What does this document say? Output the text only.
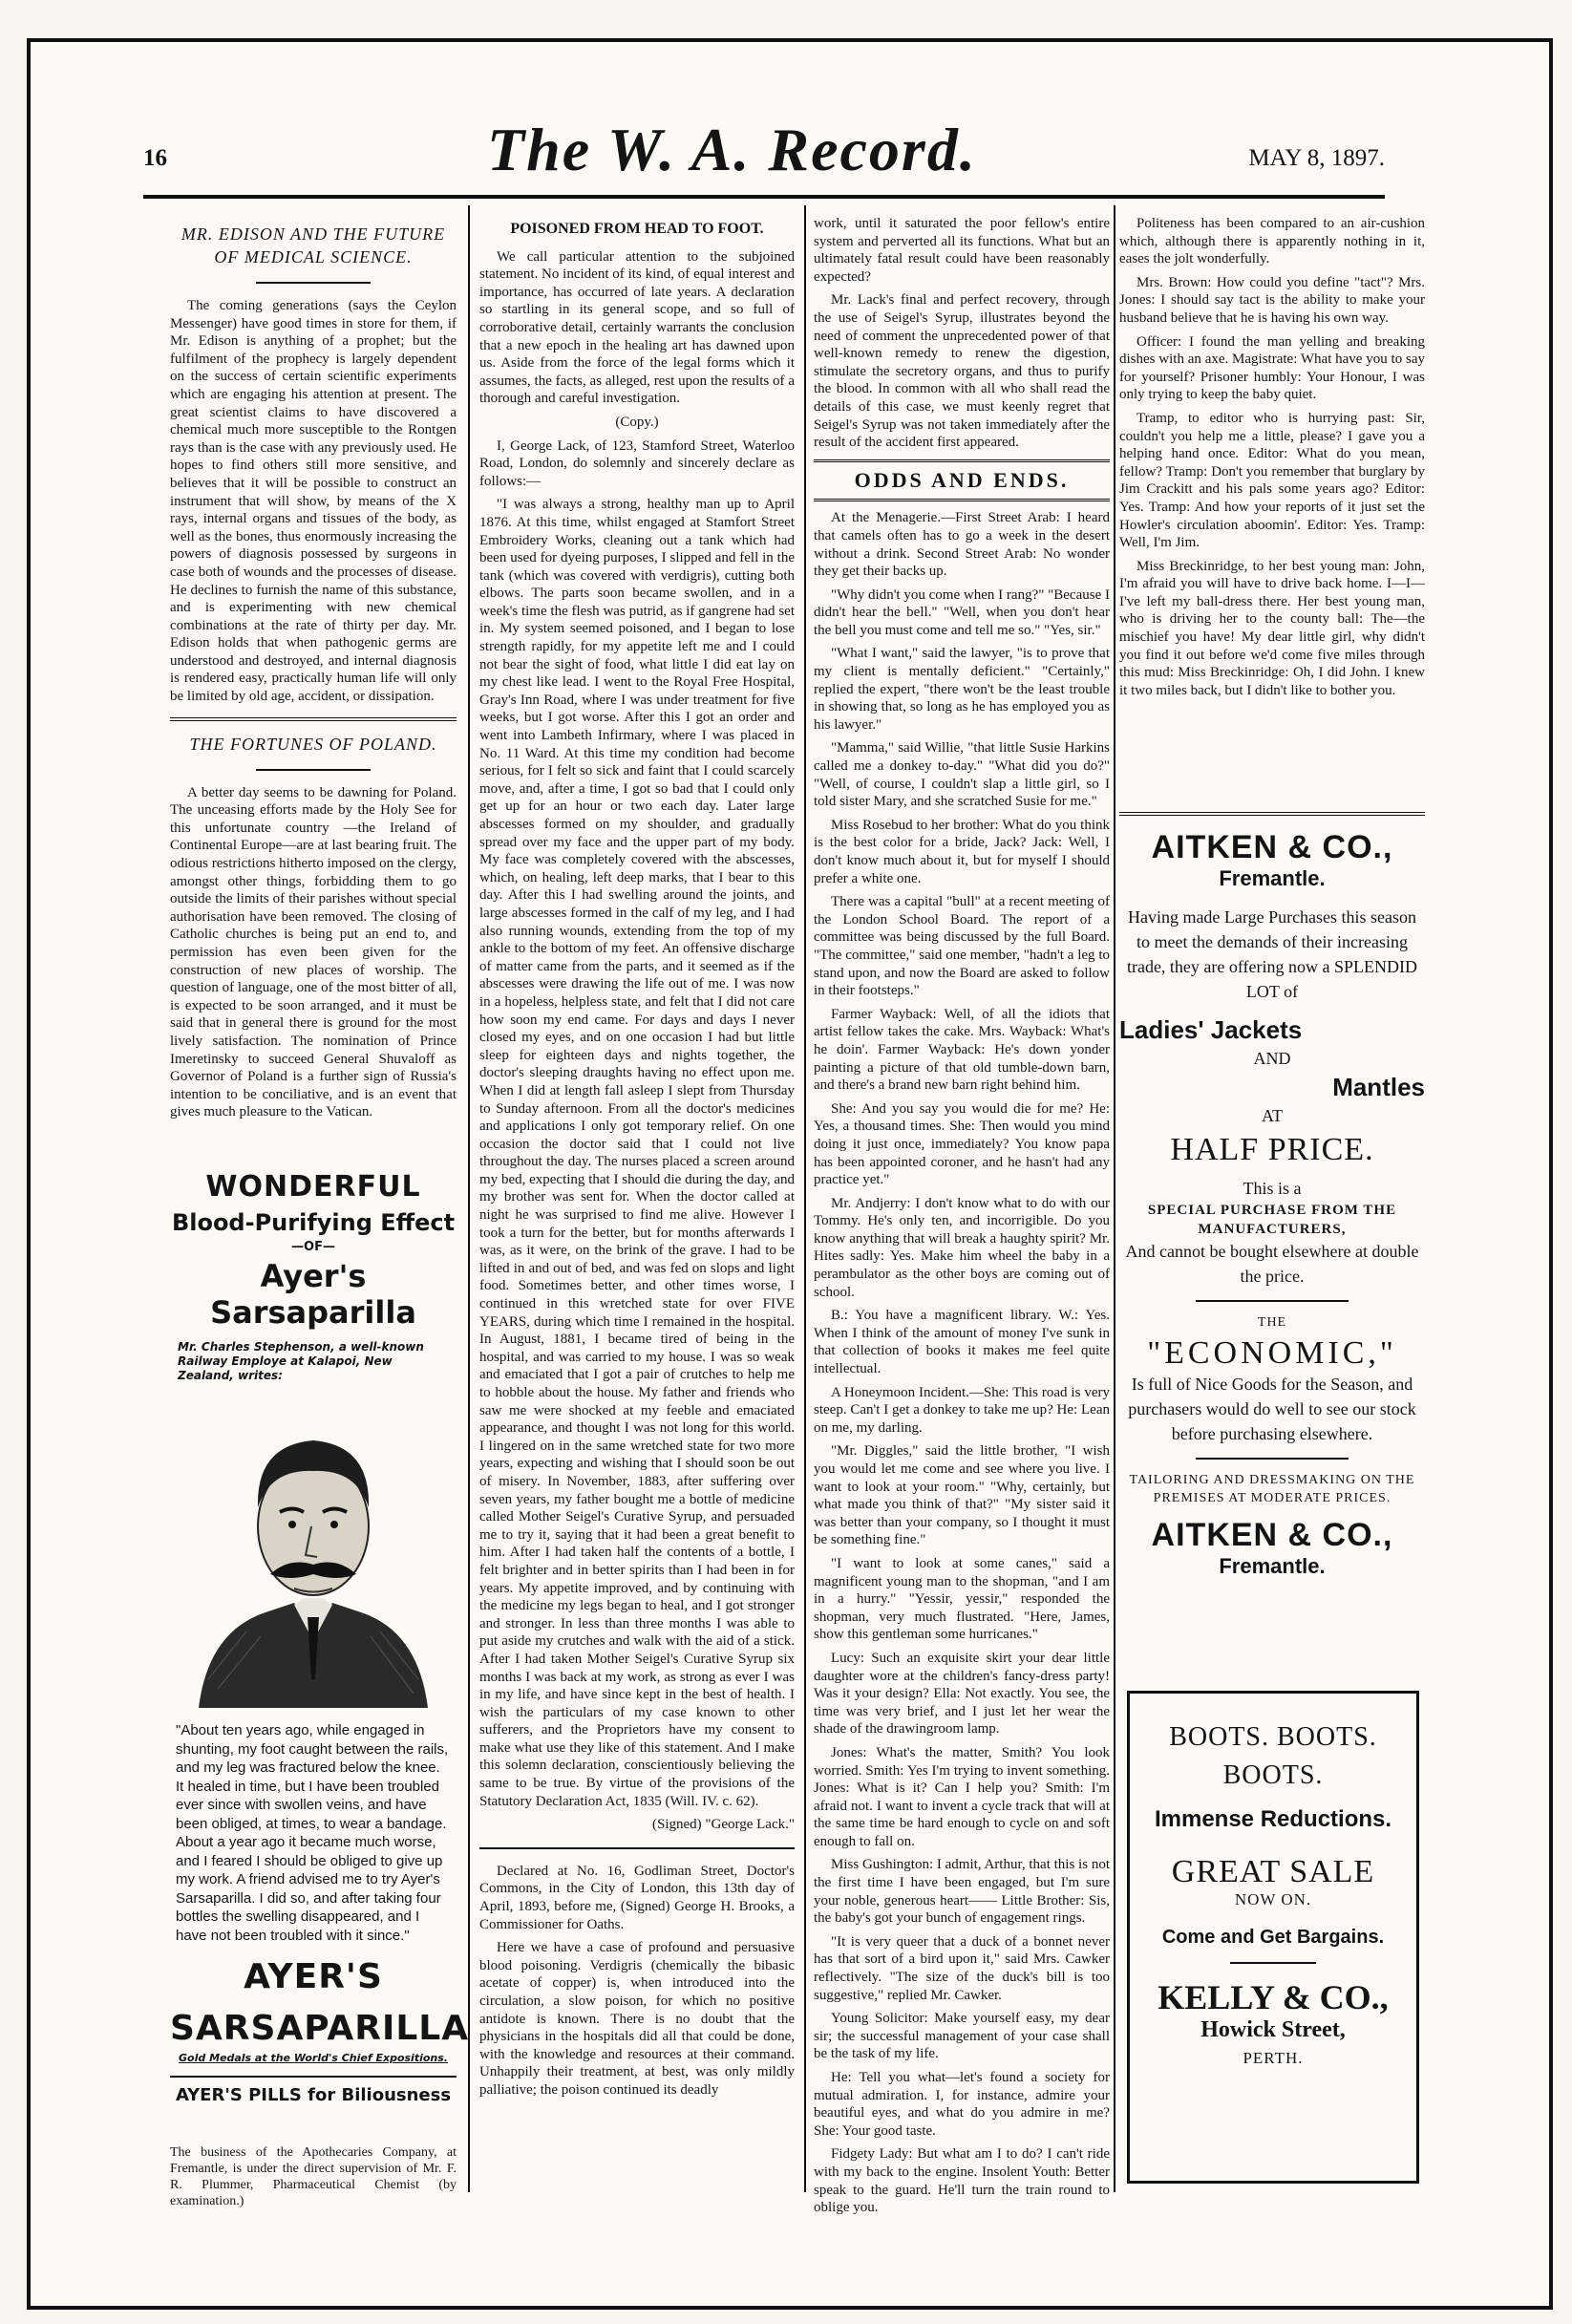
16	The W. A. Record.	MAY 8, 1897.
MR. EDISON AND THE FUTURE OF MEDICAL SCIENCE.

The coming generations (says the Ceylon Messenger) have good times in store for them, if Mr. Edison is anything of a prophet; but the fulfilment of the prophecy is largely dependent on the success of certain scientific experiments which are engaging his attention at present. The great scientist claims to have discovered a chemical much more susceptible to the Rontgen rays than is the case with any previously used. He hopes to find others still more sensitive, and believes that it will be possible to construct an instrument that will show, by means of the X rays, internal organs and tissues of the body, as well as the bones, thus enormously increasing the powers of diagnosis possessed by surgeons in case both of wounds and the processes of disease. He declines to furnish the name of this substance, and is experimenting with new chemical combinations at the rate of thirty per day. Mr. Edison holds that when pathogenic germs are understood and destroyed, and internal diagnosis is rendered easy, practically human life will only be limited by old age, accident, or dissipation.

THE FORTUNES OF POLAND.

A better day seems to be dawning for Poland. The unceasing efforts made by the Holy See for this unfortunate country —the Ireland of Continental Europe—are at last bearing fruit. The odious restrictions hitherto imposed on the clergy, amongst other things, forbidding them to go outside the limits of their parishes without special authorisation have been removed. The closing of Catholic churches is being put an end to, and permission has even been given for the construction of new places of worship. The question of language, one of the most bitter of all, is expected to be soon arranged, and it must be said that in general there is ground for the most lively satisfaction. The nomination of Prince Imeretinsky to succeed General Shuvaloff as Governor of Poland is a further sign of Russia's intention to be conciliative, and is an event that gives much pleasure to the Vatican.

WONDERFUL
Blood-Purifying Effect
—OF—
Ayer's Sarsaparilla
Mr. Charles Stephenson, a well-known Railway Employe at Kalapoi, New Zealand, writes:
"About ten years ago, while engaged in shunting, my foot caught between the rails, and my leg was fractured below the knee. It healed in time, but I have been troubled ever since with swollen veins, and have been obliged, at times, to wear a bandage. About a year ago it became much worse, and I feared I should be obliged to give up my work. A friend advised me to try Ayer's Sarsaparilla. I did so, and after taking four bottles the swelling disappeared, and I have not been troubled with it since."
AYER'S
SARSAPARILLA
Gold Medals at the World's Chief Expositions.
AYER'S PILLS for Biliousness
The business of the Apothecaries Company, at Fremantle, is under the direct supervision of Mr. F. R. Plummer, Pharmaceutical Chemist (by examination.)
POISONED FROM HEAD TO FOOT.

We call particular attention to the subjoined statement. No incident of its kind, of equal interest and importance, has occurred of late years. A declaration so startling in its general scope, and so full of corroborative detail, certainly warrants the conclusion that a new epoch in the healing art has dawned upon us. Aside from the force of the legal forms which it assumes, the facts, as alleged, rest upon the results of a thorough and careful investigation.

(Copy.)

I, George Lack, of 123, Stamford Street, Waterloo Road, London, do solemnly and sincerely declare as follows:—

"I was always a strong, healthy man up to April 1876. At this time, whilst engaged at Stamfort Street Embroidery Works, cleaning out a tank which had been used for dyeing purposes, I slipped and fell in the tank (which was covered with verdigris), cutting both elbows. The parts soon became swollen, and in a week's time the flesh was putrid, as if gangrene had set in. My system seemed poisoned, and I began to lose strength rapidly, for my appetite left me and I could not bear the sight of food, what little I did eat lay on my chest like lead. I went to the Royal Free Hospital, Gray's Inn Road, where I was under treatment for five weeks, but I got worse. After this I got an order and went into Lambeth Infirmary, where I was placed in No. 11 Ward. At this time my condition had become serious, for I felt so sick and faint that I could scarcely move, and, after a time, I got so bad that I could only get up for an hour or two each day. Later large abscesses formed on my shoulder, and gradually spread over my face and the upper part of my body. My face was completely covered with the abscesses, which, on healing, left deep marks, that I bear to this day. After this I had swelling around the joints, and large abscesses formed in the calf of my leg, and I had also running wounds, extending from the top of my ankle to the bottom of my feet. An offensive discharge of matter came from the parts, and it seemed as if the abscesses were drawing the life out of me. I was now in a hopeless, helpless state, and felt that I did not care how soon my end came. For days and days I never closed my eyes, and on one occasion I had but little sleep for eighteen days and nights together, the doctor's sleeping draughts having no effect upon me. When I did at length fall asleep I slept from Thursday to Sunday afternoon. From all the doctor's medicines and applications I only got temporary relief. On one occasion the doctor said that I could not live throughout the day. The nurses placed a screen around my bed, expecting that I should die during the day, and my brother was sent for. When the doctor called at night he was surprised to find me alive. However I took a turn for the better, but for months afterwards I was, as it were, on the brink of the grave. I had to be lifted in and out of bed, and was fed on slops and light food. Sometimes better, and other times worse, I continued in this wretched state for over FIVE YEARS, during which time I remained in the hospital. In August, 1881, I became tired of being in the hospital, and was carried to my house. I was so weak and emaciated that I got a pair of crutches to help me to hobble about the house. My father and friends who saw me were shocked at my feeble and emaciated appearance, and thought I was not long for this world. I lingered on in the same wretched state for two more years, expecting and wishing that I should soon be out of misery. In November, 1883, after suffering over seven years, my father bought me a bottle of medicine called Mother Seigel's Curative Syrup, and persuaded me to try it, saying that it had been a great benefit to him. After I had taken half the contents of a bottle, I felt brighter and in better spirits than I had been in for years. My appetite improved, and by continuing with the medicine my legs began to heal, and I got stronger and stronger. In less than three months I was able to put aside my crutches and walk with the aid of a stick. After I had taken Mother Seigel's Curative Syrup six months I was back at my work, as strong as ever I was in my life, and have since kept in the best of health. I wish the particulars of my case known to other sufferers, and the Proprietors have my consent to make what use they like of this statement. And I make this solemn declaration, conscientiously believing the same to be true. By virtue of the provisions of the Statutory Declaration Act, 1835 (Will. IV. c. 62).

(Signed) "George Lack."

Declared at No. 16, Godliman Street, Doctor's Commons, in the City of London, this 13th day of April, 1893, before me, (Signed) George H. Brooks, a Commissioner for Oaths.

Here we have a case of profound and persuasive blood poisoning. Verdigris (chemically the bibasic acetate of copper) is, when introduced into the circulation, a slow poison, for which no positive antidote is known. There is no doubt that the physicians in the hospitals did all that could be done, with the knowledge and resources at their command. Unhappily their treatment, at best, was only mildly palliative; the poison continued its deadly

work, until it saturated the poor fellow's entire system and perverted all its functions. What but an ultimately fatal result could have been reasonably expected?

Mr. Lack's final and perfect recovery, through the use of Seigel's Syrup, illustrates beyond the need of comment the unprecedented power of that well-known remedy to renew the digestion, stimulate the secretory organs, and thus to purify the blood. In common with all who shall read the details of this case, we must keenly regret that Seigel's Syrup was not taken immediately after the result of the accident first appeared.

ODDS AND ENDS.

At the Menagerie.—First Street Arab: I heard that camels often has to go a week in the desert without a drink. Second Street Arab: No wonder they get their backs up.

"Why didn't you come when I rang?" "Because I didn't hear the bell." "Well, when you don't hear the bell you must come and tell me so." "Yes, sir."

"What I want," said the lawyer, "is to prove that my client is mentally deficient." "Certainly," replied the expert, "there won't be the least trouble in showing that, so long as he has employed you as his lawyer."

"Mamma," said Willie, "that little Susie Harkins called me a donkey to-day." "What did you do?" "Well, of course, I couldn't slap a little girl, so I told sister Mary, and she scratched Susie for me."

Miss Rosebud to her brother: What do you think is the best color for a bride, Jack? Jack: Well, I don't know much about it, but for myself I should prefer a white one.

There was a capital "bull" at a recent meeting of the London School Board. The report of a committee was being discussed by the full Board. "The committee," said one member, "hadn't a leg to stand upon, and now the Board are asked to follow in their footsteps."

Farmer Wayback: Well, of all the idiots that artist fellow takes the cake. Mrs. Wayback: What's he doin'. Farmer Wayback: He's down yonder painting a picture of that old tumble-down barn, and there's a brand new barn right behind him.

She: And you say you would die for me? He: Yes, a thousand times. She: Then would you mind doing it just once, immediately? You know papa has been appointed coroner, and he hasn't had any practice yet."

Mr. Andjerry: I don't know what to do with our Tommy. He's only ten, and incorrigible. Do you know anything that will break a haughty spirit? Mr. Hites sadly: Yes. Make him wheel the baby in a perambulator as the other boys are coming out of school.

B.: You have a magnificent library. W.: Yes. When I think of the amount of money I've sunk in that collection of books it makes me feel quite intellectual.

A Honeymoon Incident.—She: This road is very steep. Can't I get a donkey to take me up? He: Lean on me, my darling.

"Mr. Diggles," said the little brother, "I wish you would let me come and see where you live. I want to look at your room." "Why, certainly, but what made you think of that?" "My sister said it was better than your company, so I thought it must be something fine."

"I want to look at some canes," said a magnificent young man to the shopman, "and I am in a hurry." "Yessir, yessir," responded the shopman, very much flustrated. "Here, James, show this gentleman some hurricanes."

Lucy: Such an exquisite skirt your dear little daughter wore at the children's fancy-dress party! Was it your design? Ella: Not exactly. You see, the time was very brief, and I just let her wear the shade of the drawingroom lamp.

Jones: What's the matter, Smith? You look worried. Smith: Yes I'm trying to invent something. Jones: What is it? Can I help you? Smith: I'm afraid not. I want to invent a cycle track that will at the same time be hard enough to cycle on and soft enough to fall on.

Miss Gushington: I admit, Arthur, that this is not the first time I have been engaged, but I'm sure your noble, generous heart—— Little Brother: Sis, the baby's got your bunch of engagement rings.

"It is very queer that a duck of a bonnet never has that sort of a bird upon it," said Mrs. Cawker reflectively. "The size of the duck's bill is too suggestive," replied Mr. Cawker.

Young Solicitor: Make yourself easy, my dear sir; the successful management of your case shall be the task of my life.

He: Tell you what—let's found a society for mutual admiration. I, for instance, admire your beautiful eyes, and what do you admire in me? She: Your good taste.

Fidgety Lady: But what am I to do? I can't ride with my back to the engine. Insolent Youth: Better speak to the guard. He'll turn the train round to oblige you.

Politeness has been compared to an air-cushion which, although there is apparently nothing in it, eases the jolt wonderfully.

Mrs. Brown: How could you define "tact"? Mrs. Jones: I should say tact is the ability to make your husband believe that he is having his own way.

Officer: I found the man yelling and breaking dishes with an axe. Magistrate: What have you to say for yourself? Prisoner humbly: Your Honour, I was only trying to keep the baby quiet.

Tramp, to editor who is hurrying past: Sir, couldn't you help me a little, please? I gave you a helping hand once. Editor: What do you mean, fellow? Tramp: Don't you remember that burglary by Jim Crackitt and his pals some years ago? Editor: Yes. Tramp: And how your reports of it just set the Howler's circulation aboomin'. Editor: Yes. Tramp: Well, I'm Jim.

Miss Breckinridge, to her best young man: John, I'm afraid you will have to drive back home. I—I—I've left my ball-dress there. Her best young man, who is driving her to the county ball: The—the mischief you have! My dear little girl, why didn't you find it out before we'd come five miles through this mud: Miss Breckinridge: Oh, I did John. I knew it two miles back, but I didn't like to bother you.

AITKEN & CO.,
Fremantle.
Having made Large Purchases this season to meet the demands of their increasing trade, they are offering now a SPLENDID LOT of
Ladies' Jackets
AND
Mantles
AT
HALF PRICE.
This is a
SPECIAL PURCHASE FROM THE MANUFACTURERS,
And cannot be bought elsewhere at double the price.
THE
"ECONOMIC,"
Is full of Nice Goods for the Season, and purchasers would do well to see our stock before purchasing elsewhere.
TAILORING AND DRESSMAKING ON THE PREMISES AT MODERATE PRICES.
AITKEN & CO.,
Fremantle.
BOOTS. BOOTS.
BOOTS.
Immense Reductions.
GREAT SALE
NOW ON.
Come and Get Bargains.
KELLY & CO.,
Howick Street,
PERTH.
